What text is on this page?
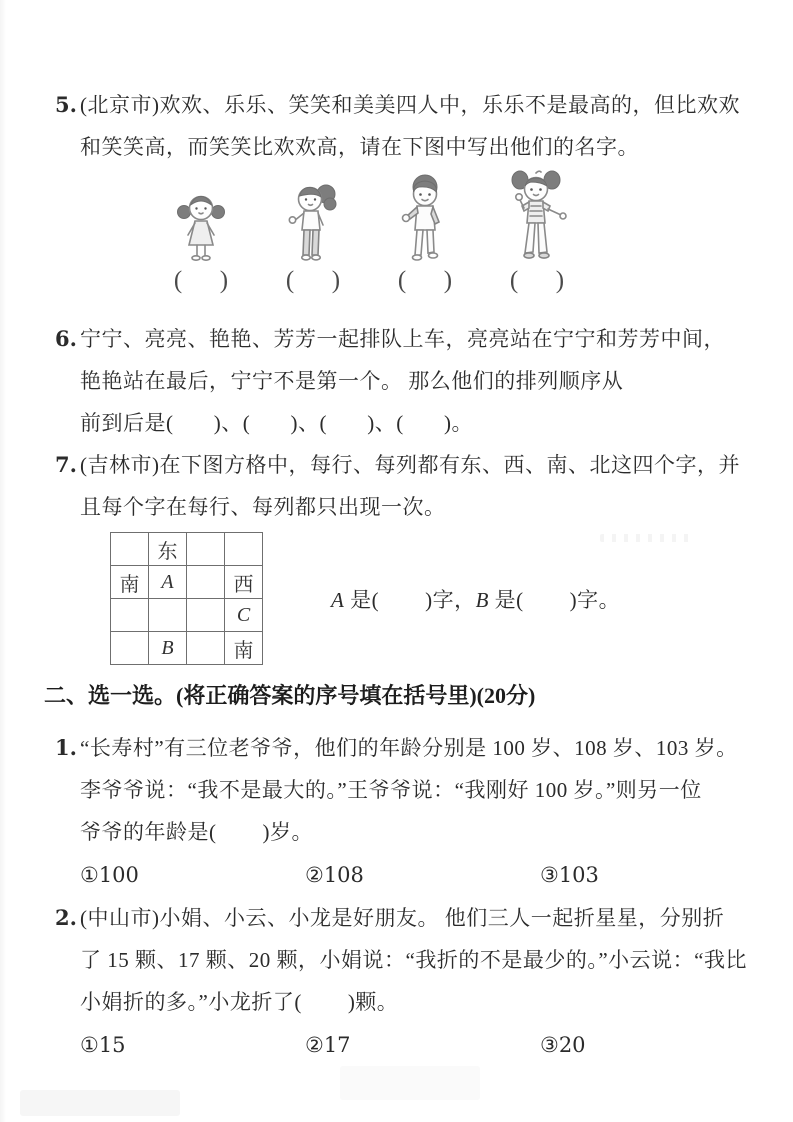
5. (北京市)欢欢、乐乐、笑笑和美美四人中，乐乐不是最高的，但比欢欢
和笑笑高，而笑笑比欢欢高，请在下图中写出他们的名字。
(      )	(      )	(      )	(      )
6. 宁宁、亮亮、艳艳、芳芳一起排队上车，亮亮站在宁宁和芳芳中间，
艳艳站在最后，宁宁不是第一个。 那么他们的排列顺序从
前到后是(       )、(       )、(       )、(       )。
7. (吉林市)在下图方格中，每行、每列都有东、西、南、北这四个字，并
且每个字在每行、每列都只出现一次。
	东		
南	A		西
			C
	B		南
A 是(        )字，B 是(        )字。
二、选一选。(将正确答案的序号填在括号里)(20分)
1. “长寿村”有三位老爷爷，他们的年龄分别是 100 岁、108 岁、103 岁。
李爷爷说：“我不是最大的。”王爷爷说：“我刚好 100 岁。”则另一位
爷爷的年龄是(        )岁。
①100	②108	③103
2. (中山市)小娟、小云、小龙是好朋友。 他们三人一起折星星，分别折
了 15 颗、17 颗、20 颗，小娟说：“我折的不是最少的。”小云说：“我比
小娟折的多。”小龙折了(        )颗。
①15	②17	③20
